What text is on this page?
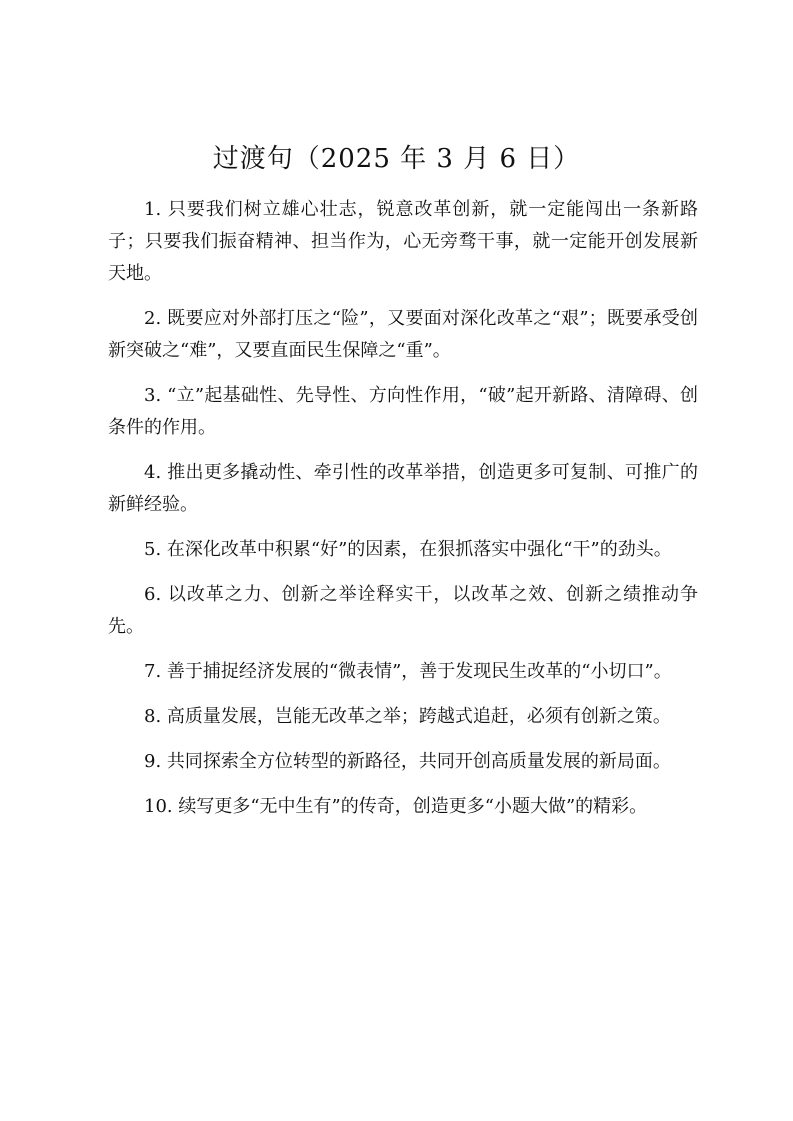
过渡句（2025 年 3 月 6 日）
1. 只要我们树立雄心壮志，锐意改革创新，就一定能闯出一条新路子；只要我们振奋精神、担当作为，心无旁骛干事，就一定能开创发展新天地。
2. 既要应对外部打压之“险”，又要面对深化改革之“艰”；既要承受创新突破之“难”，又要直面民生保障之“重”。
3. “立”起基础性、先导性、方向性作用，“破”起开新路、清障碍、创条件的作用。
4. 推出更多撬动性、牵引性的改革举措，创造更多可复制、可推广的新鲜经验。
5. 在深化改革中积累“好”的因素，在狠抓落实中强化“干”的劲头。
6. 以改革之力、创新之举诠释实干，以改革之效、创新之绩推动争先。
7. 善于捕捉经济发展的“微表情”，善于发现民生改革的“小切口”。
8. 高质量发展，岂能无改革之举；跨越式追赶，必须有创新之策。
9. 共同探索全方位转型的新路径，共同开创高质量发展的新局面。
10. 续写更多“无中生有”的传奇，创造更多“小题大做”的精彩。
